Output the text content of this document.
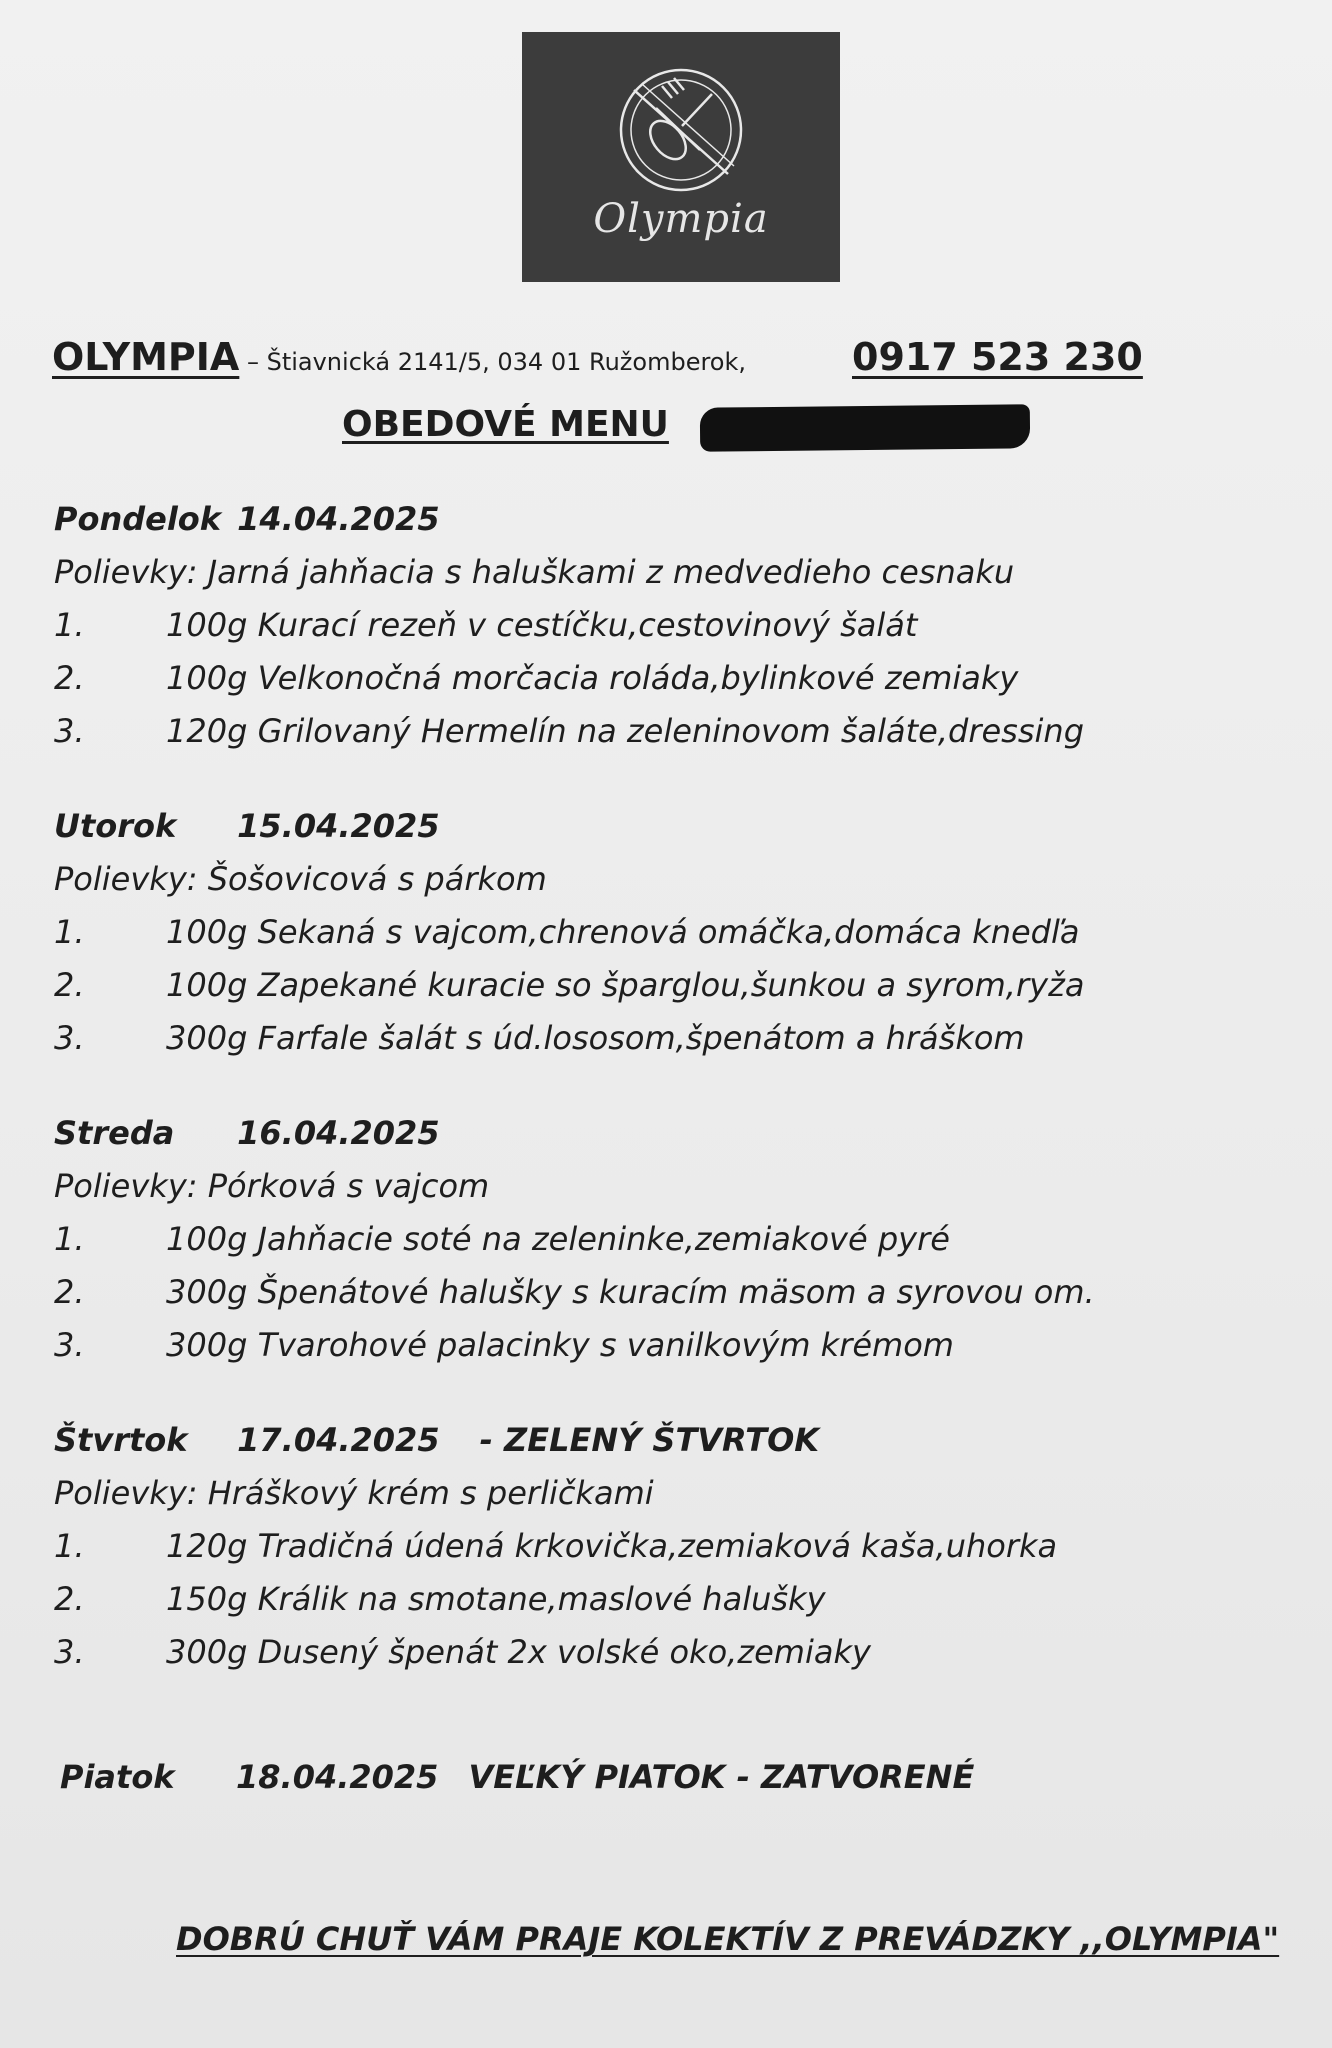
Olympia
OLYMPIA – Štiavnická 2141/5, 034 01 Ružomberok,	0917 523 230
OBEDOVÉ MENU
Pondelok 14.04.2025
Polievky: Jarná jahňacia s haluškami z medvedieho cesnaku
1.	100g Kurací rezeň v cestíčku,cestovinový šalát
2.	100g Velkonočná morčacia roláda,bylinkové zemiaky
3.	120g Grilovaný Hermelín na zeleninovom šaláte,dressing
Utorok 15.04.2025
Polievky: Šošovicová s párkom
1.	100g Sekaná s vajcom,chrenová omáčka,domáca knedľa
2.	100g Zapekané kuracie so šparglou,šunkou a syrom,ryža
3.	300g Farfale šalát s úd.lososom,špenátom a hráškom
Streda 16.04.2025
Polievky: Pórková s vajcom
1.	100g Jahňacie soté na zeleninke,zemiakové pyré
2.	300g Špenátové halušky s kuracím mäsom a syrovou om.
3.	300g Tvarohové palacinky s vanilkovým krémom
Štvrtok 17.04.2025 - ZELENÝ ŠTVRTOK
Polievky: Hráškový krém s perličkami
1.	120g Tradičná údená krkovička,zemiaková kaša,uhorka
2.	150g Králik na smotane,maslové halušky
3.	300g Dusený špenát 2x volské oko,zemiaky
Piatok 18.04.2025 VEĽKÝ PIATOK - ZATVORENÉ
DOBRÚ CHUŤ VÁM PRAJE KOLEKTÍV Z PREVÁDZKY ,,OLYMPIA"
